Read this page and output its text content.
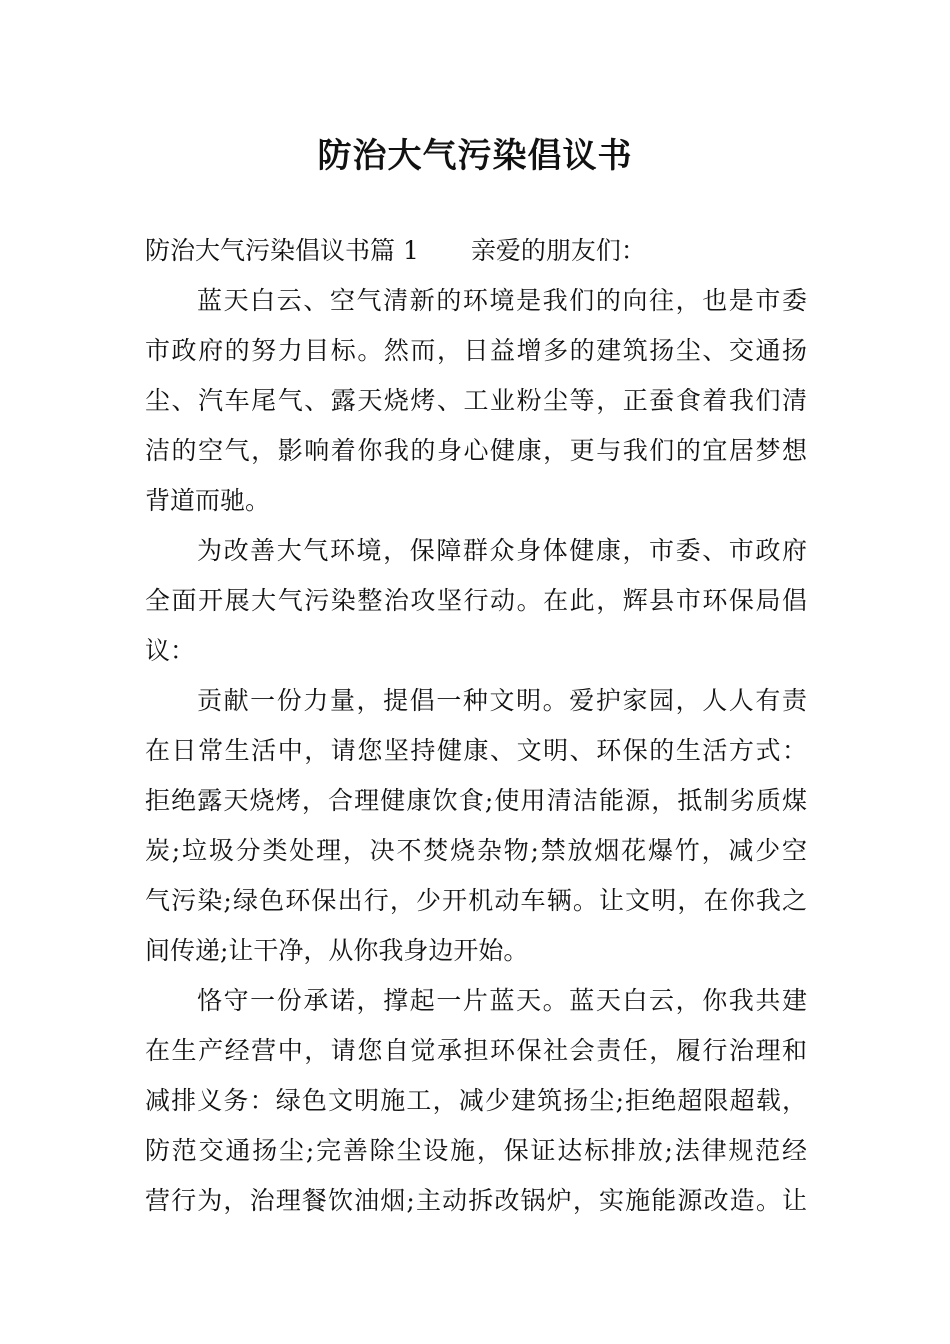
防治大气污染倡议书
防治大气污染倡议书篇 1 亲爱的朋友们：
蓝天白云、空气清新的环境是我们的向往，也是市委
市政府的努力目标。然而，日益增多的建筑扬尘、交通扬
尘、汽车尾气、露天烧烤、工业粉尘等，正蚕食着我们清
洁的空气，影响着你我的身心健康，更与我们的宜居梦想
背道而驰。
为改善大气环境，保障群众身体健康，市委、市政府
全面开展大气污染整治攻坚行动。在此，辉县市环保局倡
议：
贡献一份力量，提倡一种文明。爱护家园，人人有责
在日常生活中，请您坚持健康、文明、环保的生活方式：
拒绝露天烧烤，合理健康饮食;使用清洁能源，抵制劣质煤
炭;垃圾分类处理，决不焚烧杂物;禁放烟花爆竹，减少空
气污染;绿色环保出行，少开机动车辆。让文明，在你我之
间传递;让干净，从你我身边开始。
恪守一份承诺，撑起一片蓝天。蓝天白云，你我共建
在生产经营中，请您自觉承担环保社会责任，履行治理和
减排义务：绿色文明施工，减少建筑扬尘;拒绝超限超载，
防范交通扬尘;完善除尘设施，保证达标排放;法律规范经
营行为，治理餐饮油烟;主动拆改锅炉，实施能源改造。让
